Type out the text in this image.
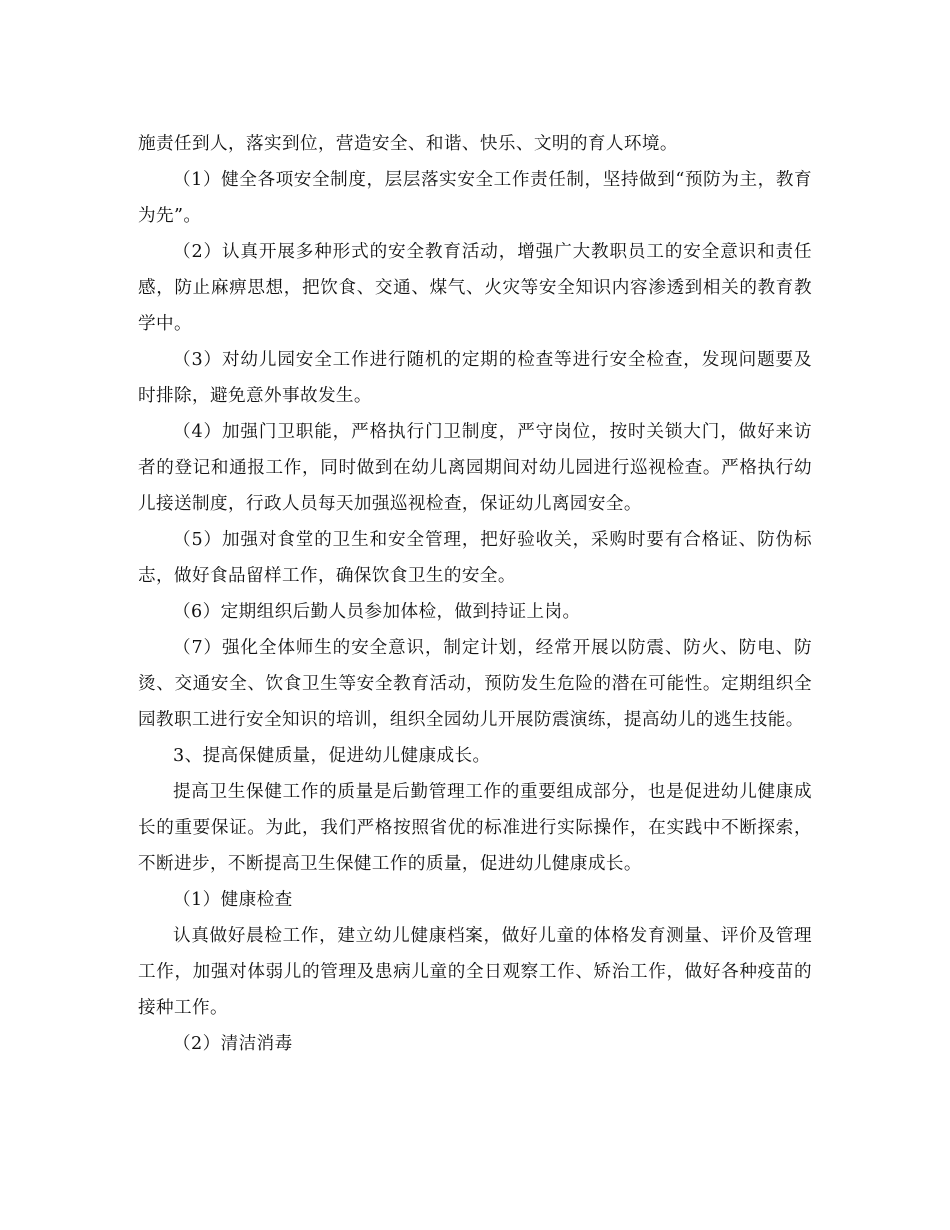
施责任到人，落实到位，营造安全、和谐、快乐、文明的育人环境。

（1）健全各项安全制度，层层落实安全工作责任制，坚持做到“预防为主，教育为先”。

（2）认真开展多种形式的安全教育活动，增强广大教职员工的安全意识和责任感，防止麻痹思想，把饮食、交通、煤气、火灾等安全知识内容渗透到相关的教育教学中。

（3）对幼儿园安全工作进行随机的定期的检查等进行安全检查，发现问题要及时排除，避免意外事故发生。

（4）加强门卫职能，严格执行门卫制度，严守岗位，按时关锁大门，做好来访者的登记和通报工作，同时做到在幼儿离园期间对幼儿园进行巡视检查。严格执行幼儿接送制度，行政人员每天加强巡视检查，保证幼儿离园安全。

（5）加强对食堂的卫生和安全管理，把好验收关，采购时要有合格证、防伪标志，做好食品留样工作，确保饮食卫生的安全。

（6）定期组织后勤人员参加体检，做到持证上岗。

（7）强化全体师生的安全意识，制定计划，经常开展以防震、防火、防电、防烫、交通安全、饮食卫生等安全教育活动，预防发生危险的潜在可能性。定期组织全园教职工进行安全知识的培训，组织全园幼儿开展防震演练，提高幼儿的逃生技能。

3、提高保健质量，促进幼儿健康成长。

提高卫生保健工作的质量是后勤管理工作的重要组成部分，也是促进幼儿健康成长的重要保证。为此，我们严格按照省优的标准进行实际操作，在实践中不断探索，不断进步，不断提高卫生保健工作的质量，促进幼儿健康成长。

（1）健康检查

认真做好晨检工作，建立幼儿健康档案，做好儿童的体格发育测量、评价及管理工作，加强对体弱儿的管理及患病儿童的全日观察工作、矫治工作，做好各种疫苗的接种工作。

（2）清洁消毒
